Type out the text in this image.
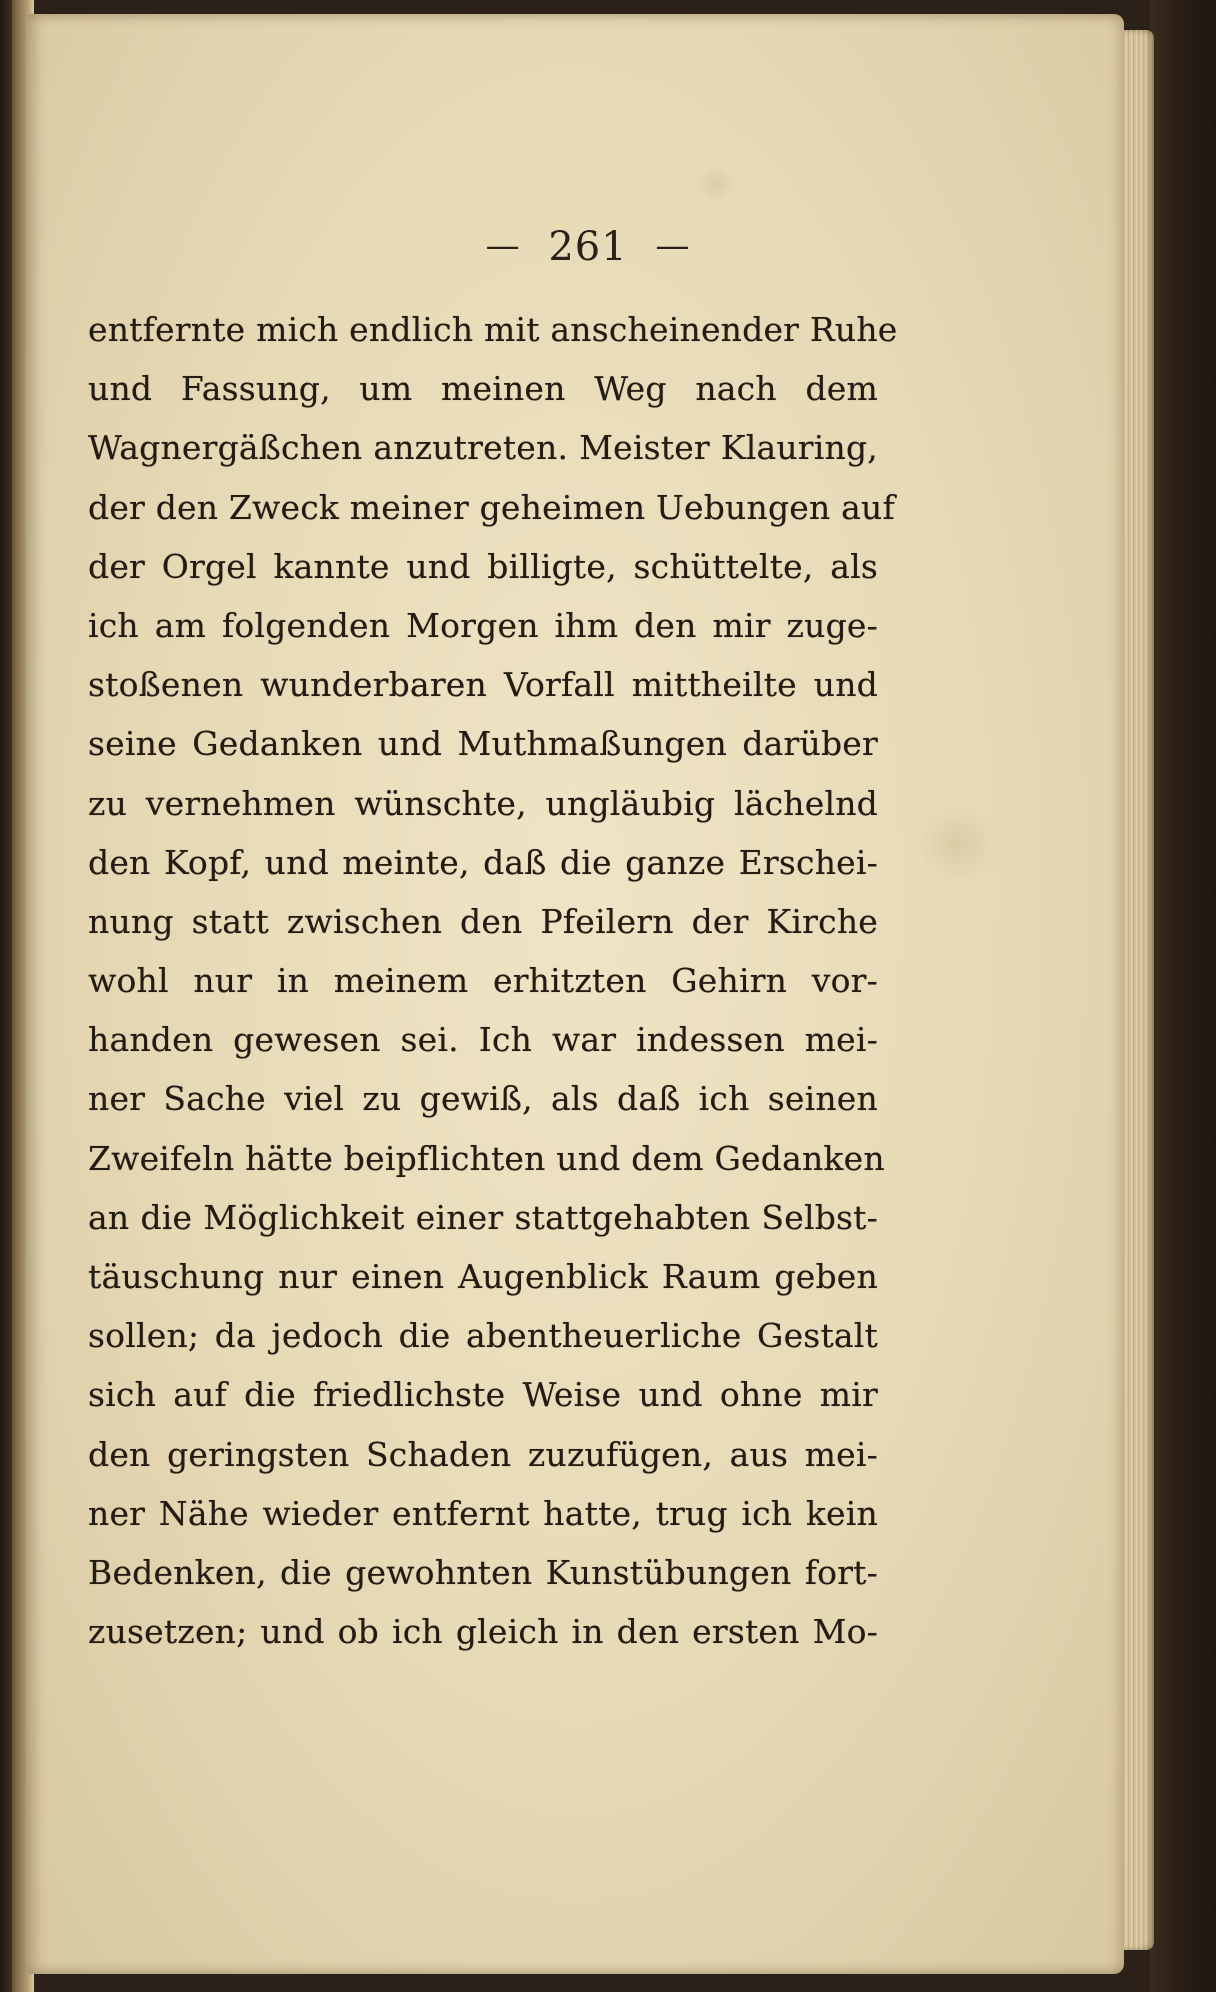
— 261 —
entfernte mich endlich mit anscheinender Ruhe
und Fassung, um meinen Weg nach dem
Wagnergäßchen anzutreten. Meister Klauring,
der den Zweck meiner geheimen Uebungen auf
der Orgel kannte und billigte, schüttelte, als
ich am folgenden Morgen ihm den mir zuge-
stoßenen wunderbaren Vorfall mittheilte und
seine Gedanken und Muthmaßungen darüber
zu vernehmen wünschte, ungläubig lächelnd
den Kopf, und meinte, daß die ganze Erschei-
nung statt zwischen den Pfeilern der Kirche
wohl nur in meinem erhitzten Gehirn vor-
handen gewesen sei. Ich war indessen mei-
ner Sache viel zu gewiß, als daß ich seinen
Zweifeln hätte beipflichten und dem Gedanken
an die Möglichkeit einer stattgehabten Selbst-
täuschung nur einen Augenblick Raum geben
sollen; da jedoch die abentheuerliche Gestalt
sich auf die friedlichste Weise und ohne mir
den geringsten Schaden zuzufügen, aus mei-
ner Nähe wieder entfernt hatte, trug ich kein
Bedenken, die gewohnten Kunstübungen fort-
zusetzen; und ob ich gleich in den ersten Mo-
